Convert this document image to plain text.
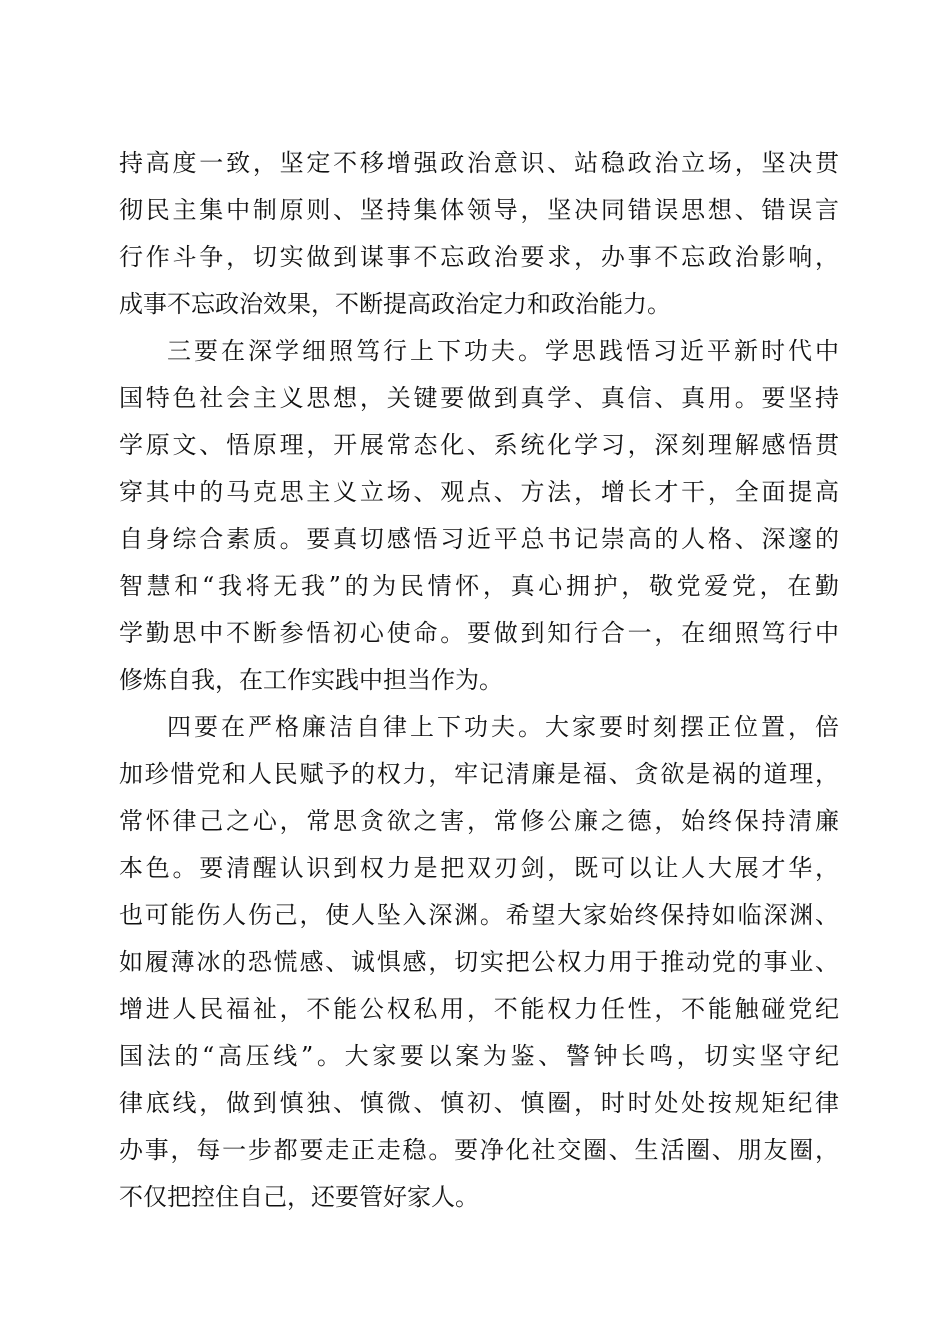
持高度一致，坚定不移增强政治意识、站稳政治立场，坚决贯
彻民主集中制原则、坚持集体领导，坚决同错误思想、错误言
行作斗争，切实做到谋事不忘政治要求，办事不忘政治影响，
成事不忘政治效果，不断提高政治定力和政治能力。
三要在深学细照笃行上下功夫。学思践悟习近平新时代中
国特色社会主义思想，关键要做到真学、真信、真用。要坚持
学原文、悟原理，开展常态化、系统化学习，深刻理解感悟贯
穿其中的马克思主义立场、观点、方法，增长才干，全面提高
自身综合素质。要真切感悟习近平总书记崇高的人格、深邃的
智慧和“我将无我”的为民情怀，真心拥护，敬党爱党，在勤
学勤思中不断参悟初心使命。要做到知行合一，在细照笃行中
修炼自我，在工作实践中担当作为。
四要在严格廉洁自律上下功夫。大家要时刻摆正位置，倍
加珍惜党和人民赋予的权力，牢记清廉是福、贪欲是祸的道理，
常怀律己之心，常思贪欲之害，常修公廉之德，始终保持清廉
本色。要清醒认识到权力是把双刃剑，既可以让人大展才华，
也可能伤人伤己，使人坠入深渊。希望大家始终保持如临深渊、
如履薄冰的恐慌感、诚惧感，切实把公权力用于推动党的事业、
增进人民福祉，不能公权私用，不能权力任性，不能触碰党纪
国法的“高压线”。大家要以案为鉴、警钟长鸣，切实坚守纪
律底线，做到慎独、慎微、慎初、慎圈，时时处处按规矩纪律
办事，每一步都要走正走稳。要净化社交圈、生活圈、朋友圈，
不仅把控住自己，还要管好家人。
